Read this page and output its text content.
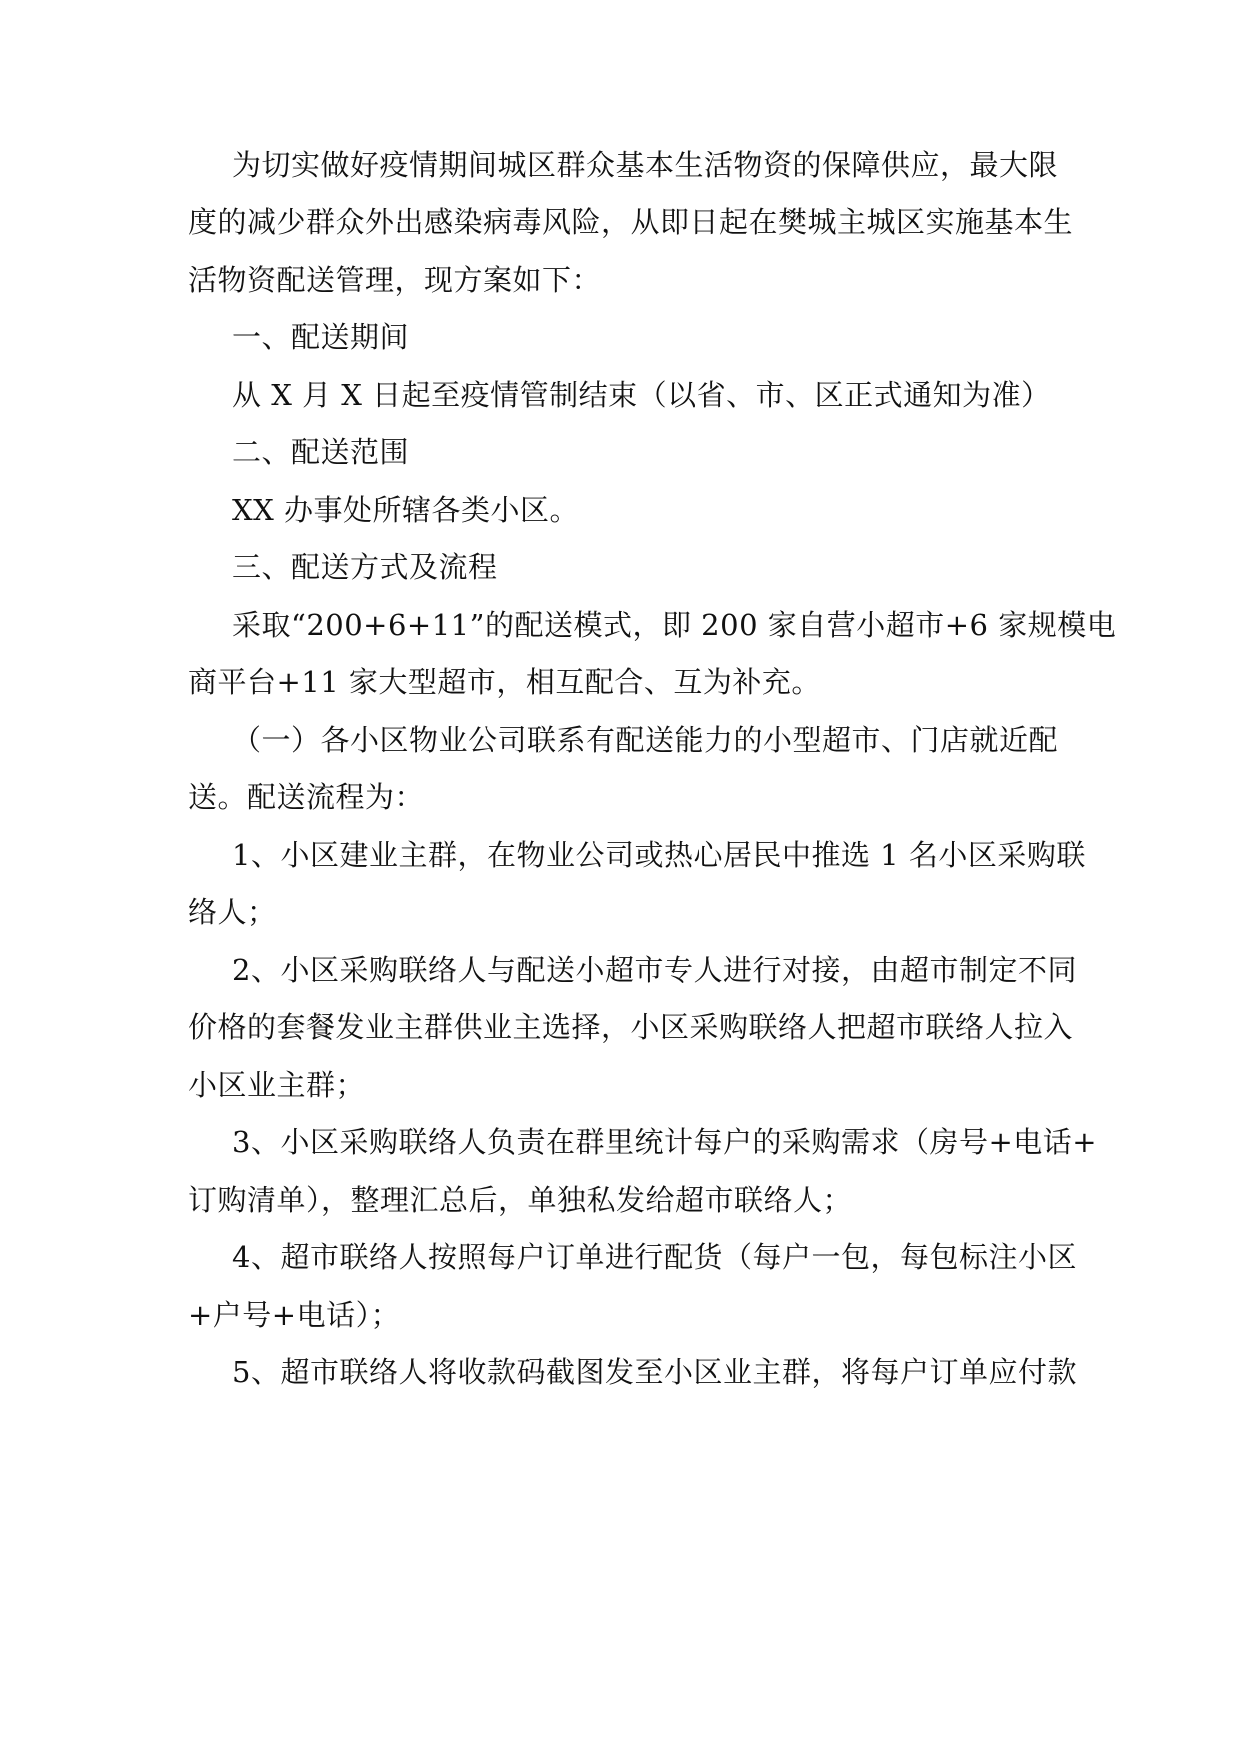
为切实做好疫情期间城区群众基本生活物资的保障供应，最大限
度的减少群众外出感染病毒风险，从即日起在樊城主城区实施基本生
活物资配送管理，现方案如下：
一、配送期间
从 X 月 X 日起至疫情管制结束（以省、市、区正式通知为准）
二、配送范围
XX 办事处所辖各类小区。
三、配送方式及流程
采取“200+6+11”的配送模式，即 200 家自营小超市+6 家规模电
商平台+11 家大型超市，相互配合、互为补充。
（一）各小区物业公司联系有配送能力的小型超市、门店就近配
送。配送流程为：
1、小区建业主群，在物业公司或热心居民中推选 1 名小区采购联
络人；
2、小区采购联络人与配送小超市专人进行对接，由超市制定不同
价格的套餐发业主群供业主选择，小区采购联络人把超市联络人拉入
小区业主群；
3、小区采购联络人负责在群里统计每户的采购需求（房号+电话+
订购清单），整理汇总后，单独私发给超市联络人；
4、超市联络人按照每户订单进行配货（每户一包，每包标注小区
+户号+电话）；
5、超市联络人将收款码截图发至小区业主群，将每户订单应付款
